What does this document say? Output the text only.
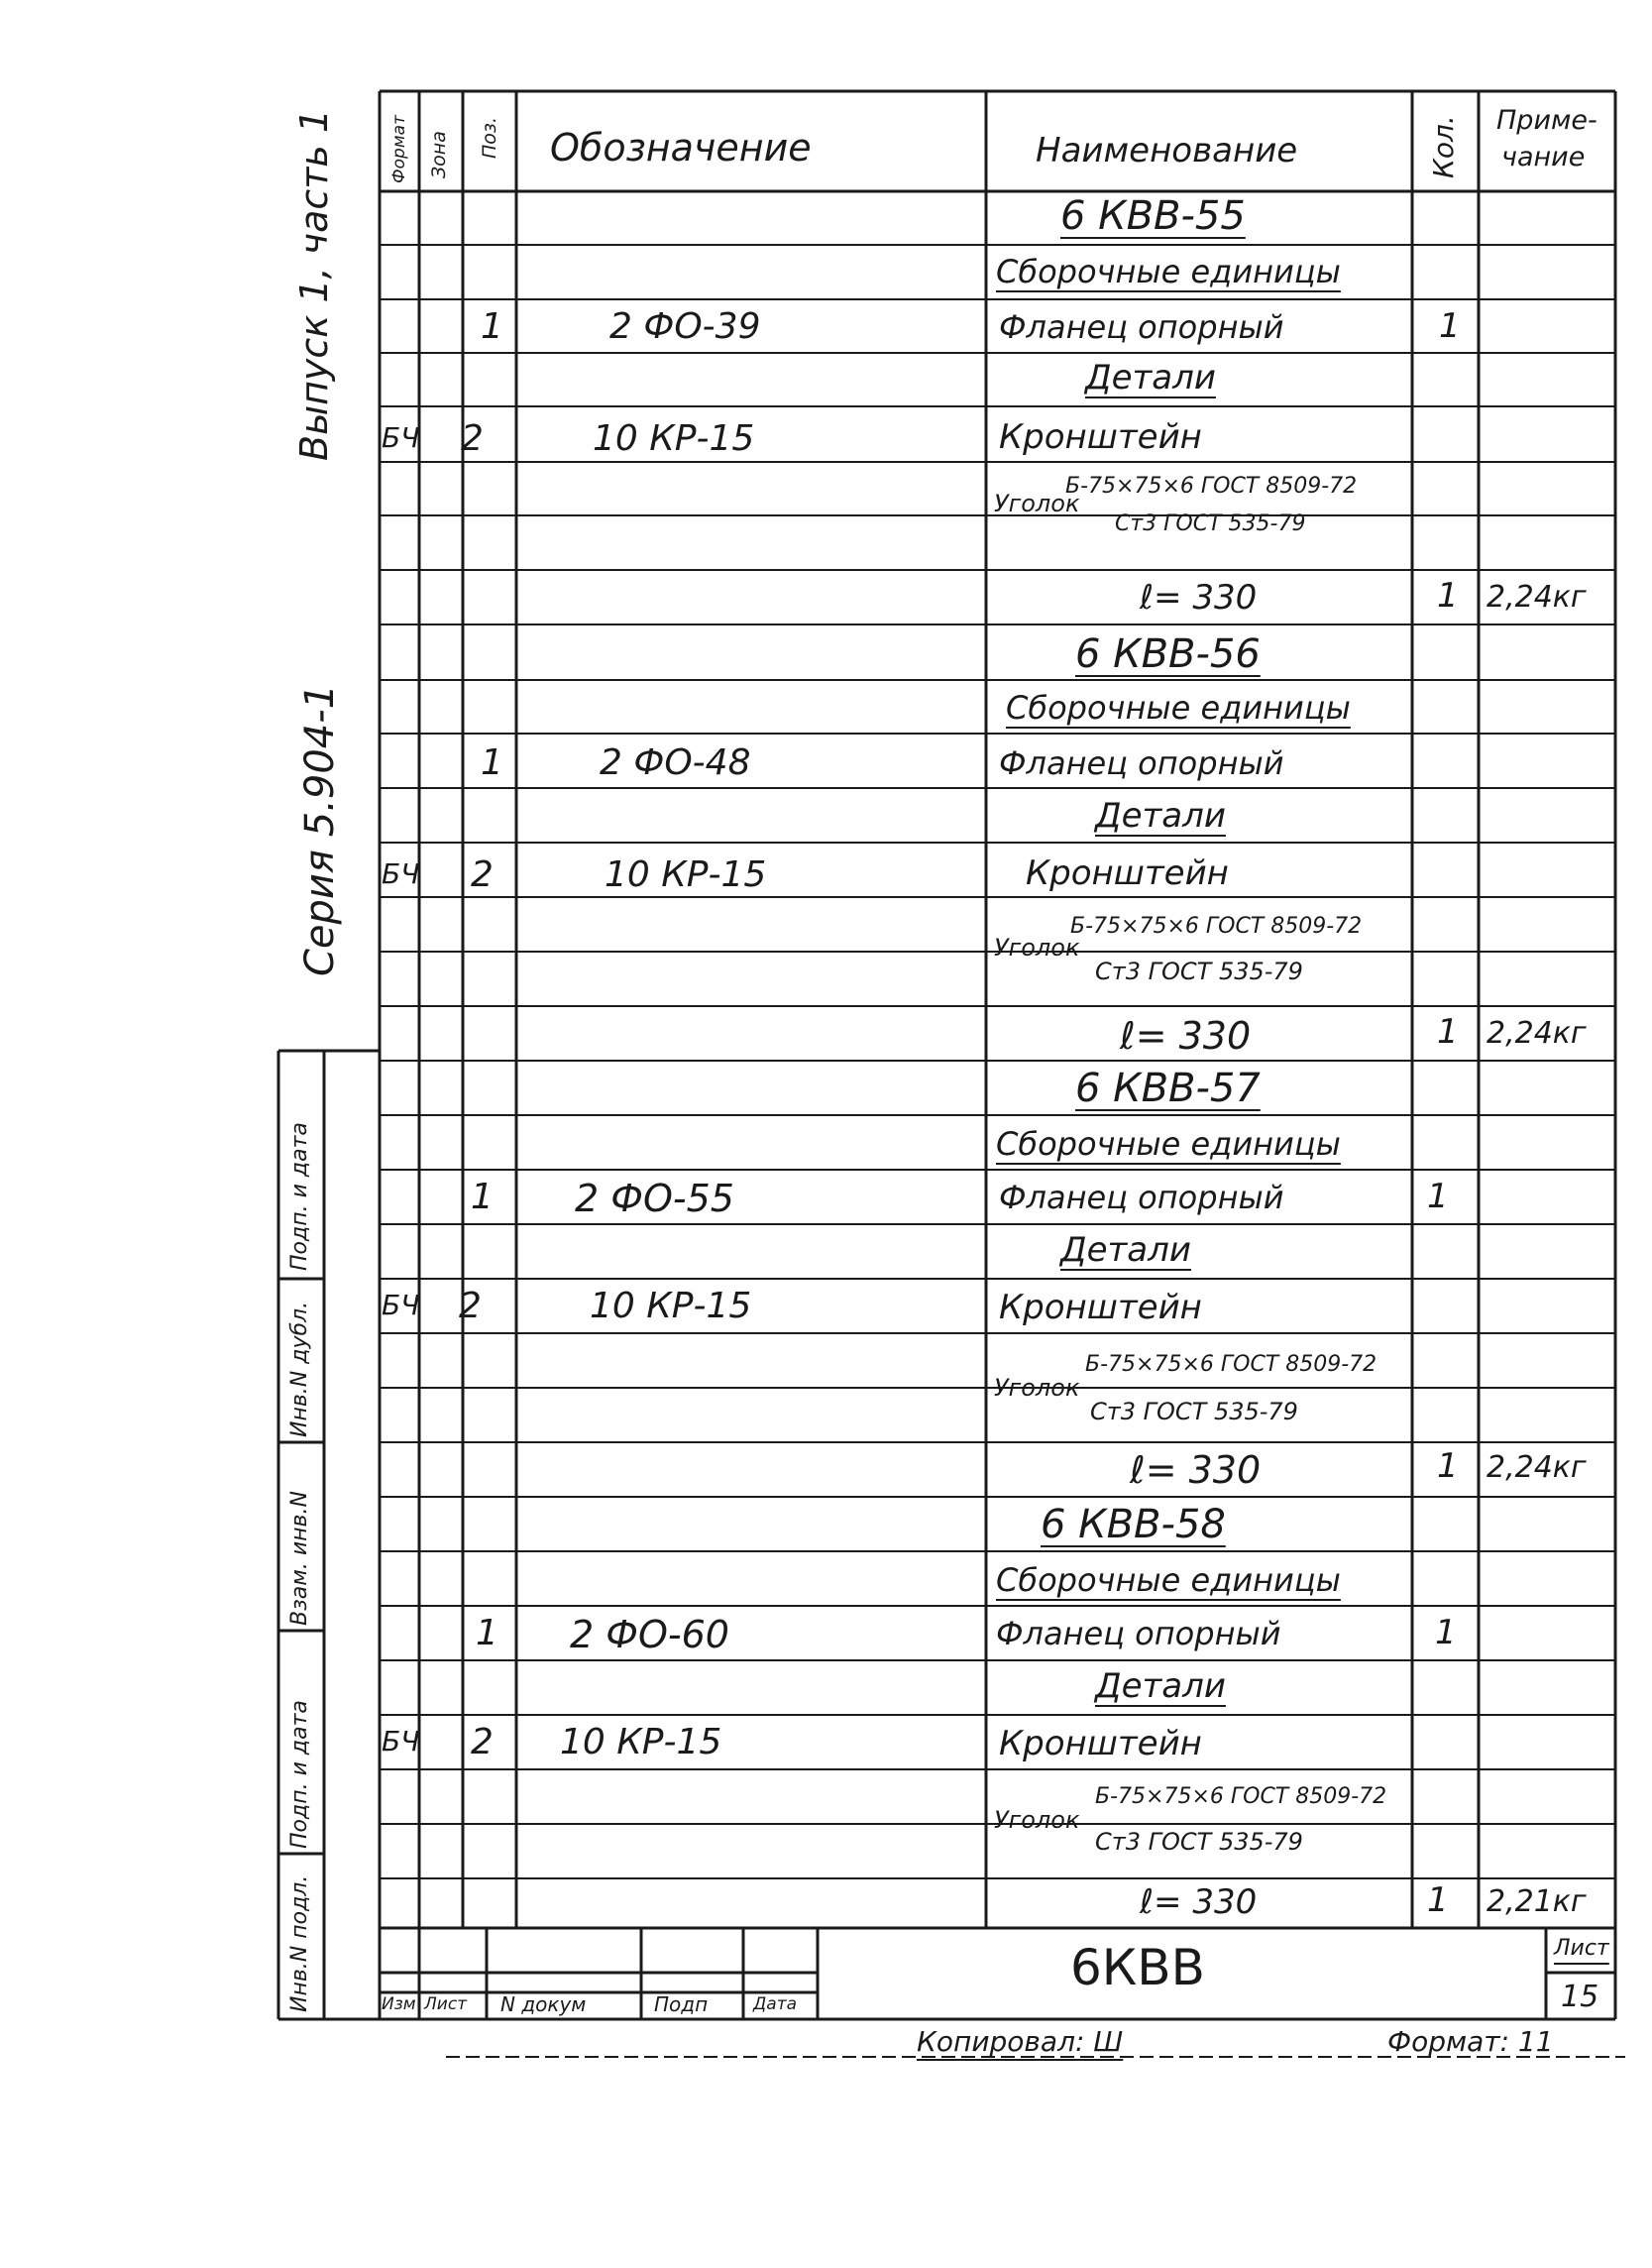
Формат Зона Поз. Обозначение	Наименование	Кол. Приме-
чание
Выпуск 1, часть 1
Серия 5.904-1
Подп. и дата
Инв.N дубл.
Взам. инв.N
Подп. и дата
Инв.N подл.
6 КВВ-55
Сборочные единицы
1	2 ФО-39	Фланец опорный	1
Детали
БЧ 2	10 КР-15	Кронштейн
Уголок
Б-75×75×6 ГОСТ 8509-72
Ст3 ГОСТ 535-79
ℓ= 330	1 2,24кг
6 КВВ-56
Сборочные единицы
1	2 ФО-48	Фланец опорный
Детали
БЧ 2	10 КР-15	Кронштейн
Уголок
Б-75×75×6 ГОСТ 8509-72
Ст3 ГОСТ 535-79
ℓ= 330	1 2,24кг
6 КВВ-57
Сборочные единицы
1 2 ФО-55	Фланец опорный	1
Детали
БЧ 2	10 КР-15	Кронштейн
Уголок
Б-75×75×6 ГОСТ 8509-72
Ст3 ГОСТ 535-79
ℓ= 330	1 2,24кг
6 КВВ-58
Сборочные единицы
1 2 ФО-60	Фланец опорный	1
Детали
БЧ 2 10 КР-15	Кронштейн
Уголок
Б-75×75×6 ГОСТ 8509-72
Ст3 ГОСТ 535-79
ℓ= 330	1 2,21кг
6КВВ	Лист
15
Изм Лист N докум	Подп	Дата
Копировал: Ш	Формат: 11
